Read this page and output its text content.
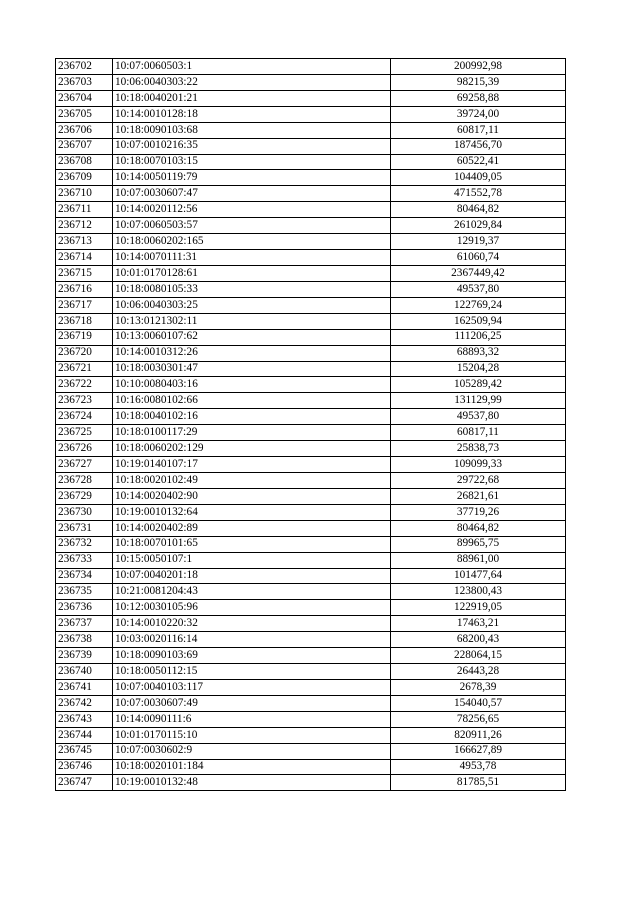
236702	10:07:0060503:1	200992,98
236703	10:06:0040303:22	98215,39
236704	10:18:0040201:21	69258,88
236705	10:14:0010128:18	39724,00
236706	10:18:0090103:68	60817,11
236707	10:07:0010216:35	187456,70
236708	10:18:0070103:15	60522,41
236709	10:14:0050119:79	104409,05
236710	10:07:0030607:47	471552,78
236711	10:14:0020112:56	80464,82
236712	10:07:0060503:57	261029,84
236713	10:18:0060202:165	12919,37
236714	10:14:0070111:31	61060,74
236715	10:01:0170128:61	2367449,42
236716	10:18:0080105:33	49537,80
236717	10:06:0040303:25	122769,24
236718	10:13:0121302:11	162509,94
236719	10:13:0060107:62	111206,25
236720	10:14:0010312:26	68893,32
236721	10:18:0030301:47	15204,28
236722	10:10:0080403:16	105289,42
236723	10:16:0080102:66	131129,99
236724	10:18:0040102:16	49537,80
236725	10:18:0100117:29	60817,11
236726	10:18:0060202:129	25838,73
236727	10:19:0140107:17	109099,33
236728	10:18:0020102:49	29722,68
236729	10:14:0020402:90	26821,61
236730	10:19:0010132:64	37719,26
236731	10:14:0020402:89	80464,82
236732	10:18:0070101:65	89965,75
236733	10:15:0050107:1	88961,00
236734	10:07:0040201:18	101477,64
236735	10:21:0081204:43	123800,43
236736	10:12:0030105:96	122919,05
236737	10:14:0010220:32	17463,21
236738	10:03:0020116:14	68200,43
236739	10:18:0090103:69	228064,15
236740	10:18:0050112:15	26443,28
236741	10:07:0040103:117	2678,39
236742	10:07:0030607:49	154040,57
236743	10:14:0090111:6	78256,65
236744	10:01:0170115:10	820911,26
236745	10:07:0030602:9	166627,89
236746	10:18:0020101:184	4953,78
236747	10:19:0010132:48	81785,51
